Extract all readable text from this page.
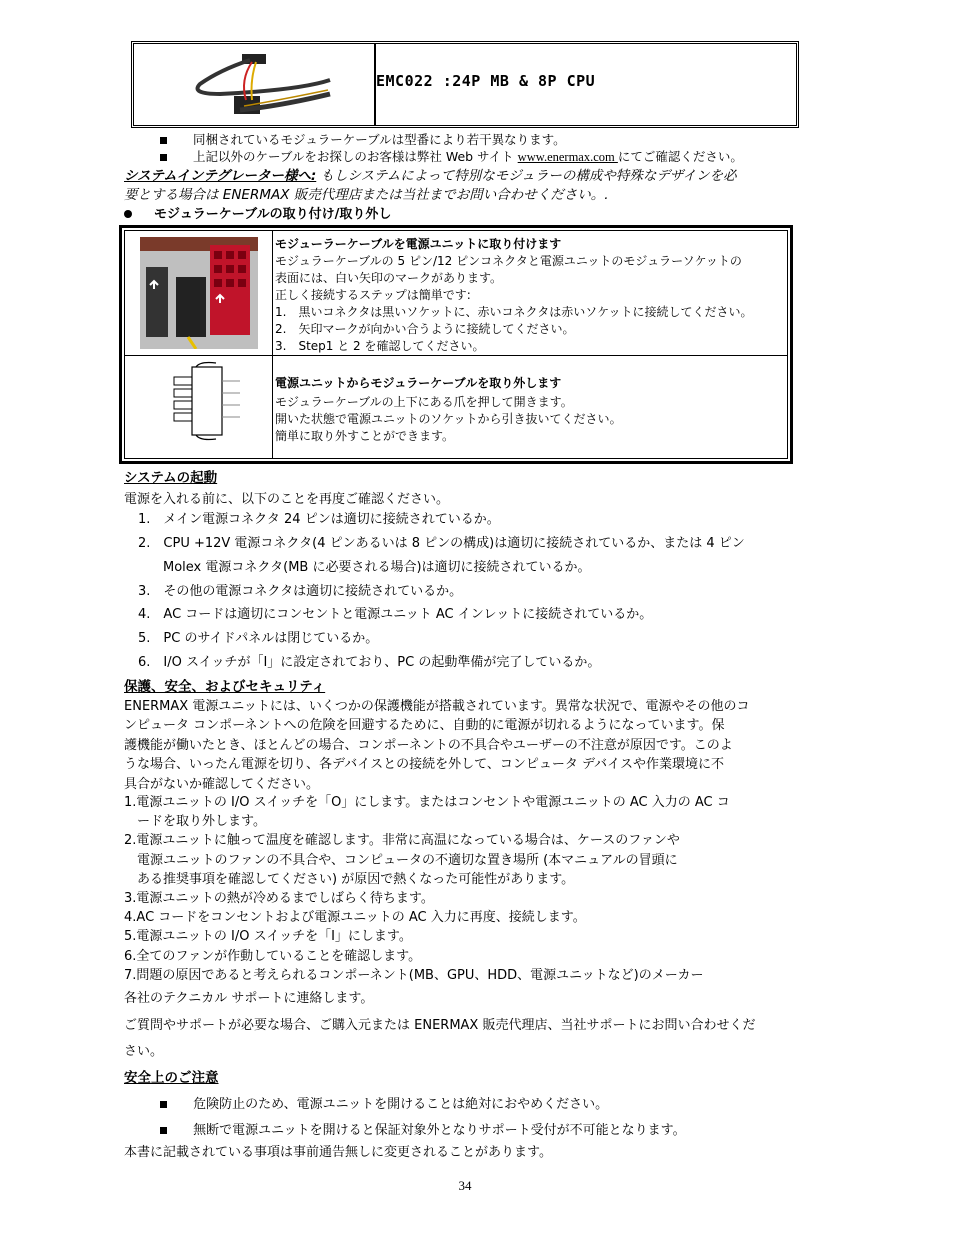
EMC022 :24P MB & 8P CPU
同梱されているモジュラーケーブルは型番により若干異なります。
上記以外のケーブルをお探しのお客様は弊社 Web サイト www.enermax.com にてご確認ください。
システムインテグレーター様へ: もしシステムによって特別なモジュラーの構成や特殊なデザインを必
要とする場合は ENERMAX 販売代理店または当社までお問い合わせください。.
モジュラーケーブルの取り付け/取り外し
モジューラーケーブルを電源ユニットに取り付けます
モジュラーケーブルの 5 ピン/12 ピンコネクタと電源ユニットのモジュラーソケットの
表面には、白い矢印のマークがあります。
正しく接続するステップは簡単です:
1.　黒いコネクタは黒いソケットに、赤いコネクタは赤いソケットに接続してください。
2.　矢印マークが向かい合うように接続してください。
3.　Step1 と 2 を確認してください。
電源ユニットからモジュラーケーブルを取り外します
モジュラーケーブルの上下にある爪を押して開きます。
開いた状態で電源ユニットのソケットから引き抜いてください。
簡単に取り外すことができます。
システムの起動
電源を入れる前に、以下のことを再度ご確認ください。
1.　メイン電源コネクタ 24 ピンは適切に接続されているか。
2.　CPU +12V 電源コネクタ(4 ピンあるいは 8 ピンの構成)は適切に接続されているか、または 4 ピン
Molex 電源コネクタ(MB に必要される場合)は適切に接続されているか。
3.　その他の電源コネクタは適切に接続されているか。
4.　AC コードは適切にコンセントと電源ユニット AC インレットに接続されているか。
5.　PC のサイドパネルは閉じているか。
6.　I/O スイッチが「I」に設定されており、PC の起動準備が完了しているか。
保護、安全、およびセキュリティ
ENERMAX 電源ユニットには、いくつかの保護機能が搭載されています。異常な状況で、電源やその他のコ
ンピュータ コンポーネントへの危険を回避するために、自動的に電源が切れるようになっています。保
護機能が働いたとき、ほとんどの場合、コンポーネントの不具合やユーザーの不注意が原因です。このよ
うな場合、いったん電源を切り、各デバイスとの接続を外して、コンピュータ デバイスや作業環境に不
具合がないか確認してください。
1.電源ユニットの I/O スイッチを「O」にします。またはコンセントや電源ユニットの AC 入力の AC コ
　ードを取り外します。
2.電源ユニットに触って温度を確認します。非常に高温になっている場合は、ケースのファンや
　電源ユニットのファンの不具合や、コンピュータの不適切な置き場所 (本マニュアルの冒頭に
　ある推奨事項を確認してください) が原因で熱くなった可能性があります。
3.電源ユニットの熱が冷めるまでしばらく待ちます。
4.AC コードをコンセントおよび電源ユニットの AC 入力に再度、接続します。
5.電源ユニットの I/O スイッチを「I」にします。
6.全てのファンが作動していることを確認します。
7.問題の原因であると考えられるコンポーネント(MB、GPU、HDD、電源ユニットなど)のメーカー
各社のテクニカル サポートに連絡します。
ご質問やサポートが必要な場合、ご購入元または ENERMAX 販売代理店、当社サポートにお問い合わせくだ
さい。
安全上のご注意
危険防止のため、電源ユニットを開けることは絶対におやめください。
無断で電源ユニットを開けると保証対象外となりサポート受付が不可能となります。
本書に記載されている事項は事前通告無しに変更されることがあります。
34
